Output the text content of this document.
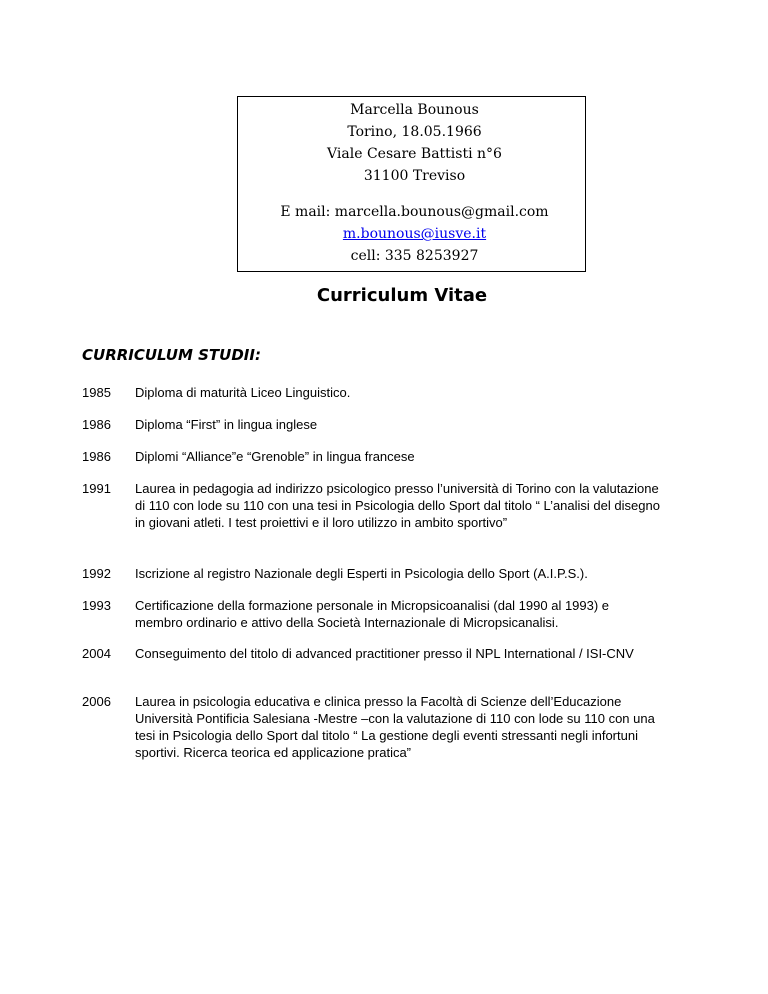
Marcella Bounous
Torino, 18.05.1966
Viale Cesare Battisti n°6
31100 Treviso
E mail: marcella.bounous@gmail.com
m.bounous@iusve.it
cell: 335 8253927
Curriculum Vitae
CURRICULUM STUDII:
1985	Diploma di maturità Liceo Linguistico.
1986	Diploma “First” in lingua inglese
1986	Diplomi “Alliance”e “Grenoble” in lingua francese
1991	Laurea in pedagogia ad indirizzo psicologico presso l’università di Torino con la valutazione di 110 con lode su 110 con una tesi in Psicologia dello Sport dal titolo “ L’analisi del disegno in giovani atleti. I test proiettivi e il loro utilizzo in ambito sportivo”
1992	Iscrizione al registro Nazionale degli Esperti in Psicologia dello Sport (A.I.P.S.).
1993	Certificazione della formazione personale in Micropsicoanalisi (dal 1990 al 1993) e membro ordinario e attivo della Società Internazionale di Micropsicanalisi.
2004	Conseguimento del titolo di advanced practitioner presso il NPL International / ISI-CNV
2006	Laurea in psicologia educativa e clinica presso la Facoltà di Scienze dell’Educazione Università Pontificia Salesiana -Mestre –con la valutazione di 110 con lode su 110 con una tesi in Psicologia dello Sport dal titolo “ La gestione degli eventi stressanti negli infortuni sportivi. Ricerca teorica ed applicazione pratica”
